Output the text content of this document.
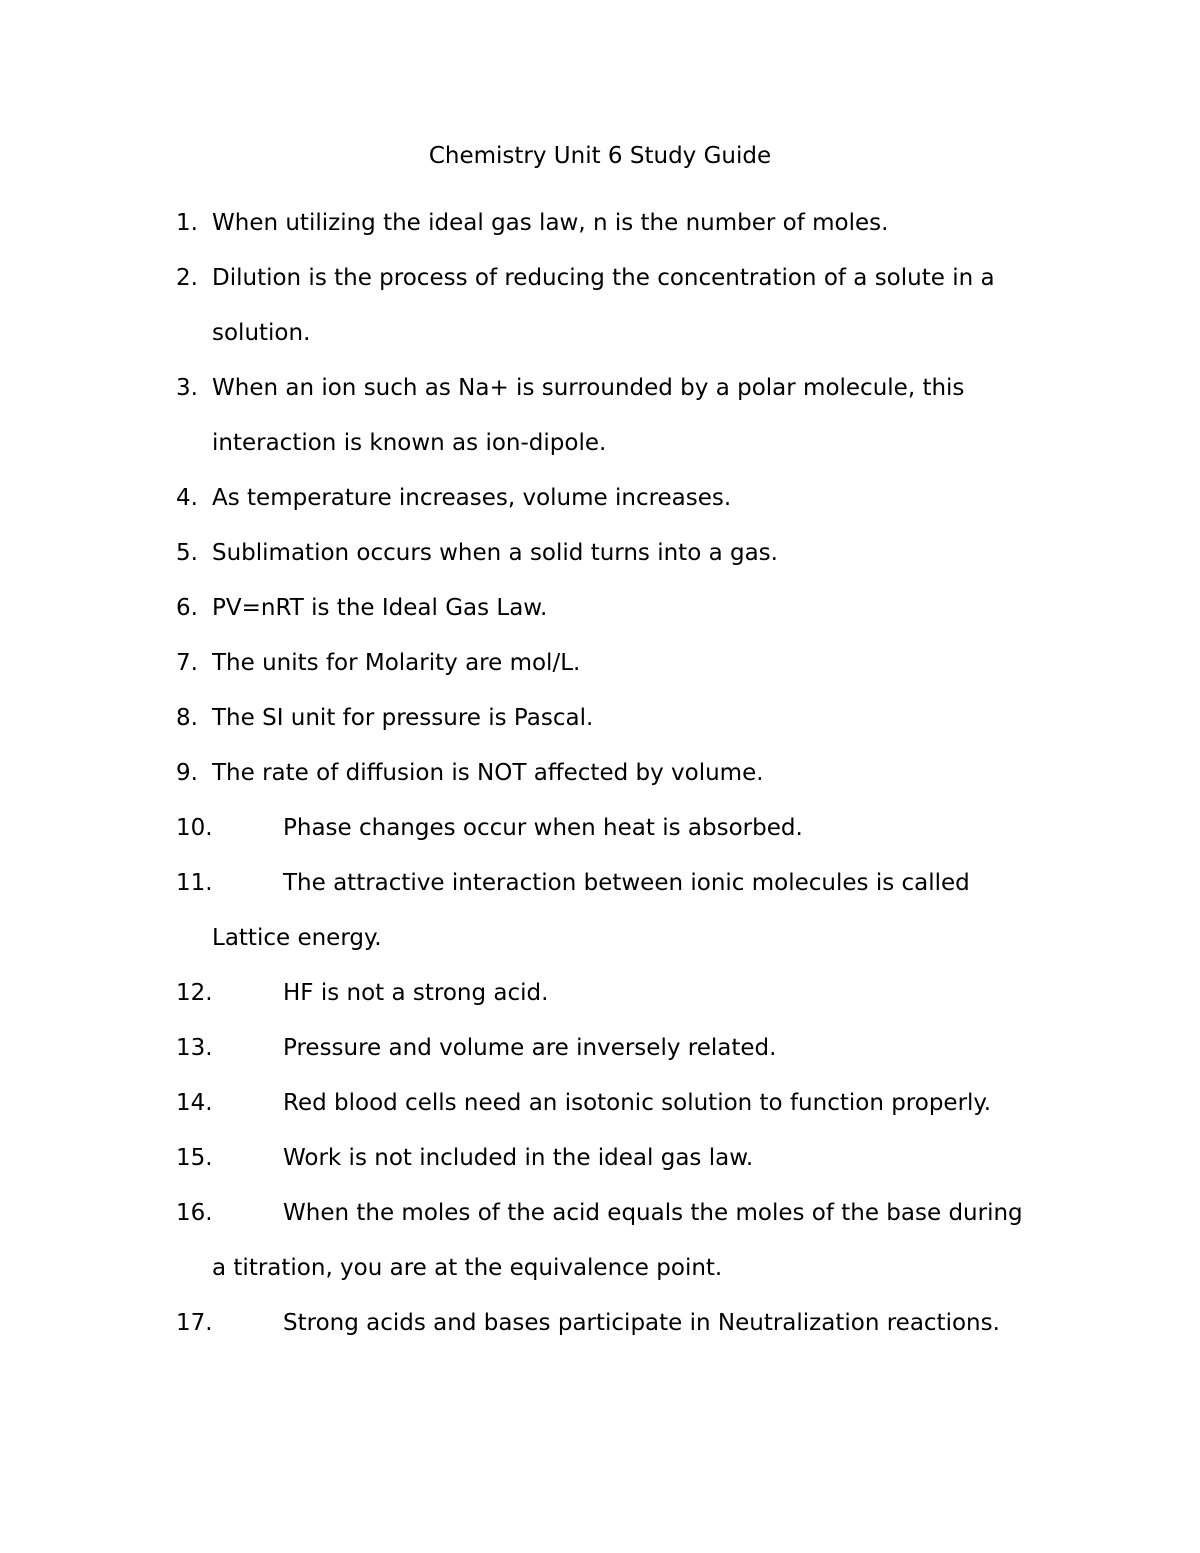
Chemistry Unit 6 Study Guide
1. When utilizing the ideal gas law, n is the number of moles.
2. Dilution is the process of reducing the concentration of a solute in a
solution.
3. When an ion such as Na+ is surrounded by a polar molecule, this
interaction is known as ion-dipole.
4. As temperature increases, volume increases.
5. Sublimation occurs when a solid turns into a gas.
6. PV=nRT is the Ideal Gas Law.
7. The units for Molarity are mol/L.
8. The SI unit for pressure is Pascal.
9. The rate of diffusion is NOT affected by volume.
10.	Phase changes occur when heat is absorbed.
11.	The attractive interaction between ionic molecules is called
Lattice energy.
12.	HF is not a strong acid.
13.	Pressure and volume are inversely related.
14.	Red blood cells need an isotonic solution to function properly.
15.	Work is not included in the ideal gas law.
16.	When the moles of the acid equals the moles of the base during
a titration, you are at the equivalence point.
17.	Strong acids and bases participate in Neutralization reactions.
